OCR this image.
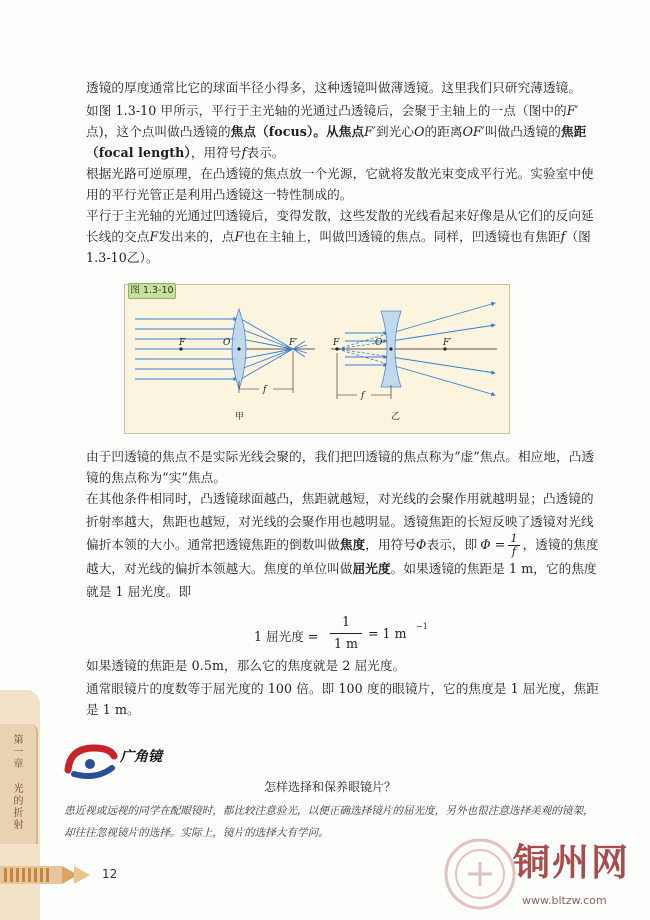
透镜的厚度通常比它的球面半径小得多，这种透镜叫做薄透镜。这里我们只研究薄透镜。

如图 1.3-10 甲所示，平行于主光轴的光通过凸透镜后，会聚于主轴上的一点（图中的F′点)，这个点叫做凸透镜的焦点（focus）。从焦点F′到光心O的距离OF′叫做凸透镜的焦距（focal length），用符号f表示。

根据光路可逆原理，在凸透镜的焦点放一个光源，它就将发散光束变成平行光。实验室中使用的平行光管正是利用凸透镜这一特性制成的。

平行于主光轴的光通过凹透镜后，变得发散，这些发散的光线看起来好像是从它们的反向延长线的交点F发出来的，点F也在主轴上，叫做凹透镜的焦点。同样，凹透镜也有焦距f（图 1.3-10乙）。

F	O	F′
f
甲
F	O	F′
f
乙
图 1.3-10

由于凹透镜的焦点不是实际光线会聚的，我们把凹透镜的焦点称为“虚”焦点。相应地，凸透镜的焦点称为“实”焦点。

在其他条件相同时，凸透镜球面越凸，焦距就越短，对光线的会聚作用就越明显；凸透镜的折射率越大，焦距也越短，对光线的会聚作用也越明显。透镜焦距的长短反映了透镜对光线偏折本领的大小。通常把透镜焦距的倒数叫做焦度，用符号Φ表示，即 $\Phi = \frac{1}{f}$ ，透镜的焦度越大，对光线的偏折本领越大。焦度的单位叫做屈光度。如果透镜的焦距是 1 m，它的焦度就是 1 屈光度。即

1 屈光度 =
1
1 m
= 1 m −1

如果透镜的焦距是 0.5m，那么它的焦度就是 2 屈光度。

通常眼镜片的度数等于屈光度的 100 倍。即 100 度的眼镜片，它的焦度是 1 屈光度，焦距是 1 m。

第一章 光的折射	广角镜
怎样选择和保养眼镜片？
患近视或远视的同学在配眼镜时，都比较注意验光，以便正确选择镜片的屈光度，另外也很注意选择美观的镜架，却往往忽视镜片的选择。实际上，镜片的选择大有学问。
12	铜州网
www.bltzw.com
